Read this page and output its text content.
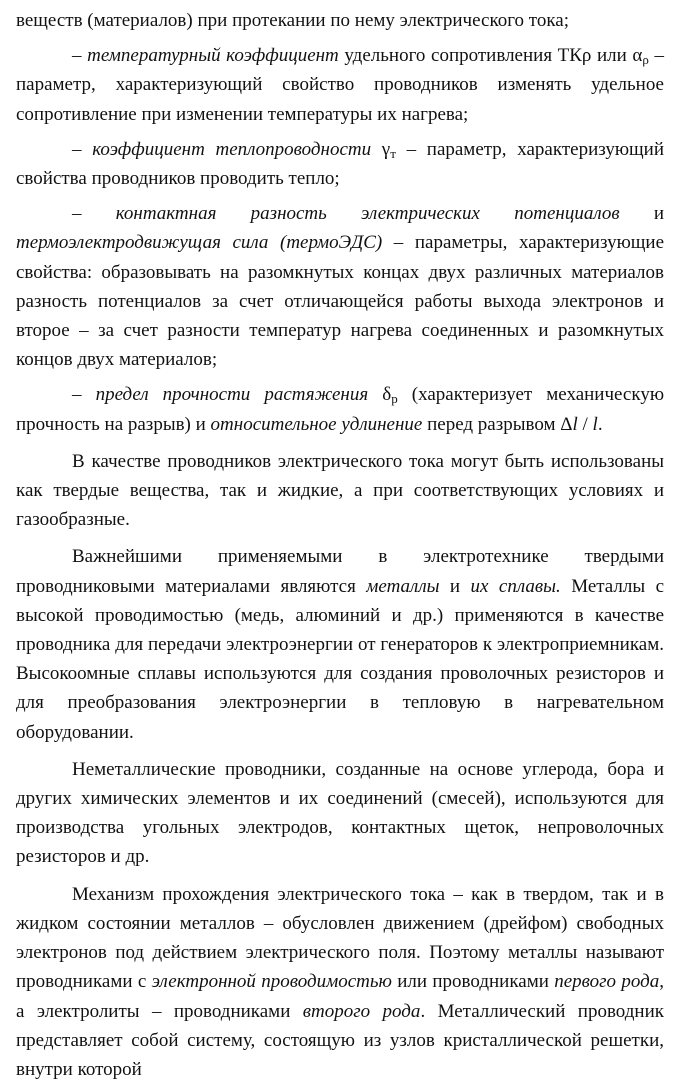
веществ (материалов) при протекании по нему электрического тока;

– температурный коэффициент удельного сопротивления ТКρ или $\alpha_\rho$ – параметр, характеризующий свойство проводников изменять удельное сопротивление при изменении температуры их нагрева;

– коэффициент теплопроводности $\gamma_т$ – параметр, характеризующий свойства проводников проводить тепло;

– контактная разность электрических потенциалов и термоэлектродвижущая сила (термоЭДС) – параметры, характеризующие свойства: образовывать на разомкнутых концах двух различных материалов разность потенциалов за счет отличающейся работы выхода электронов и второе – за счет разности температур нагрева соединенных и разомкнутых концов двух материалов;

– предел прочности растяжения $\delta_р$ (характеризует механическую прочность на разрыв) и относительное удлинение перед разрывом Δl / l.

В качестве проводников электрического тока могут быть использованы как твердые вещества, так и жидкие, а при соответствующих условиях и газообразные.

Важнейшими применяемыми в электротехнике твердыми проводниковыми материалами являются металлы и их сплавы. Металлы с высокой проводимостью (медь, алюминий и др.) применяются в качестве проводника для передачи электроэнергии от генераторов к электроприемникам. Высокоомные сплавы используются для создания проволочных резисторов и для преобразования электроэнергии в тепловую в нагревательном оборудовании.

Неметаллические проводники, созданные на основе углерода, бора и других химических элементов и их соединений (смесей), используются для производства угольных электродов, контактных щеток, непроволочных резисторов и др.

Механизм прохождения электрического тока – как в твердом, так и в жидком состоянии металлов – обусловлен движением (дрейфом) свободных электронов под действием электрического поля. Поэтому металлы называют проводниками с электронной проводимостью или проводниками первого рода, а электролиты – проводниками второго рода. Металлический проводник представляет собой систему, состоящую из узлов кристаллической решетки, внутри которой
